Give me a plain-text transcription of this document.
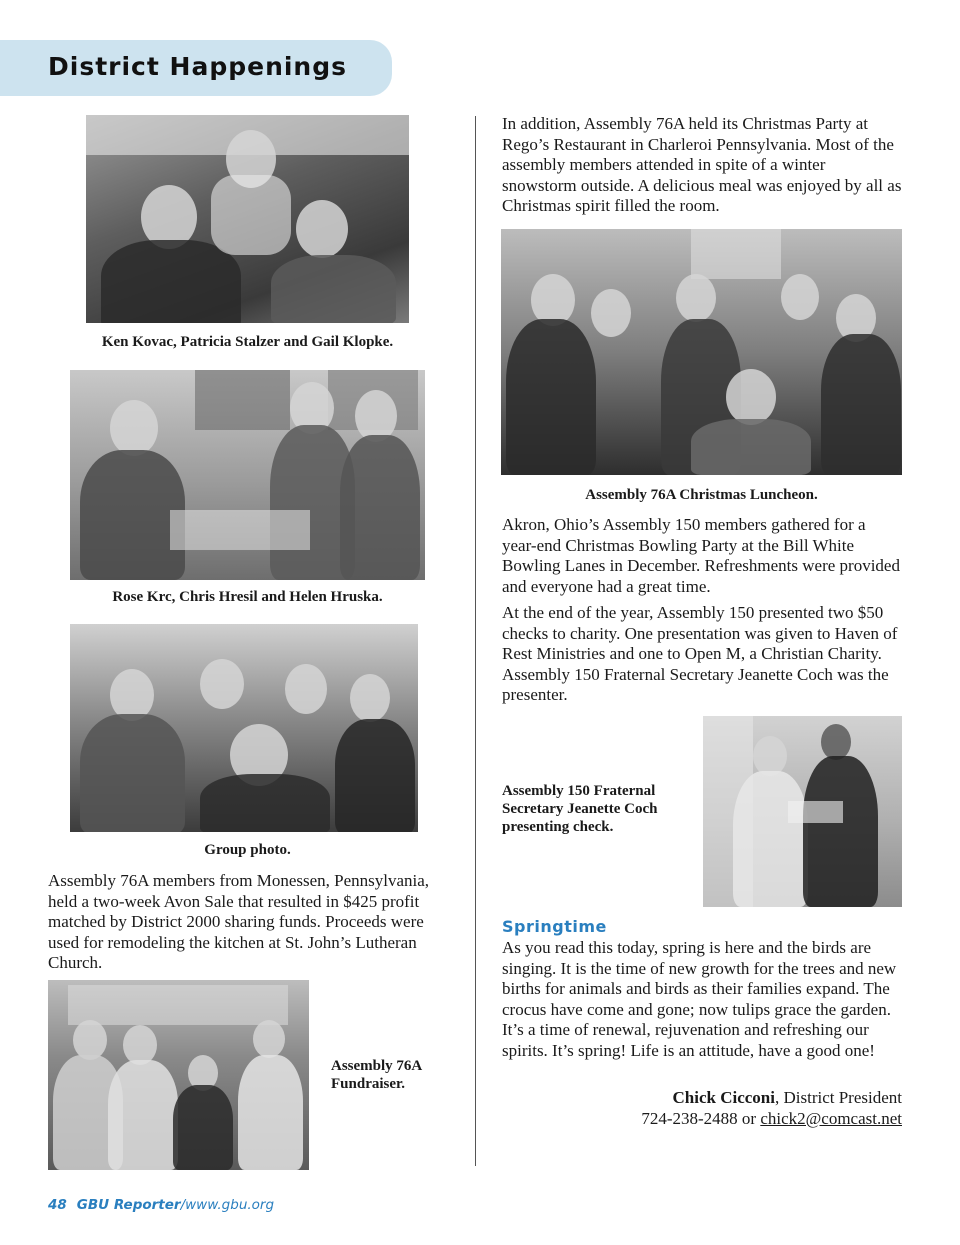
District Happenings
Ken Kovac, Patricia Stalzer and Gail Klopke.
Rose Krc, Chris Hresil and Helen Hruska.
Group photo.

Assembly 76A members from Monessen, Pennsylvania, held a two-week Avon Sale that resulted in $425 profit matched by District 2000 sharing funds. Proceeds were used for remodeling the kitchen at St. John’s Lutheran Church.

Assembly 76A Fundraiser.

In addition, Assembly 76A held its Christmas Party at Rego’s Restaurant in Charleroi Pennsylvania. Most of the assembly members attended in spite of a winter snowstorm outside. A delicious meal was enjoyed by all as Christmas spirit filled the room.

Assembly 76A Christmas Luncheon.

Akron, Ohio’s Assembly 150 members gathered for a year-end Christmas Bowling Party at the Bill White Bowling Lanes in December. Refreshments were provided and everyone had a great time.

At the end of the year, Assembly 150 presented two $50 checks to charity. One presentation was given to Haven of Rest Ministries and one to Open M, a Christian Charity. Assembly 150 Fraternal Secretary Jeanette Coch was the presenter.

Assembly 150 Fraternal Secretary Jeanette Coch presenting check.
Springtime

As you read this today, spring is here and the birds are singing. It is the time of new growth for the trees and new births for animals and birds as their families expand. The crocus have come and gone; now tulips grace the garden. It’s a time of renewal, rejuvenation and refreshing our spirits. It’s spring! Life is an attitude, have a good one!

Chick Cicconi, District President
724-238-2488 or chick2@comcast.net
48 GBU Reporter/www.gbu.org
